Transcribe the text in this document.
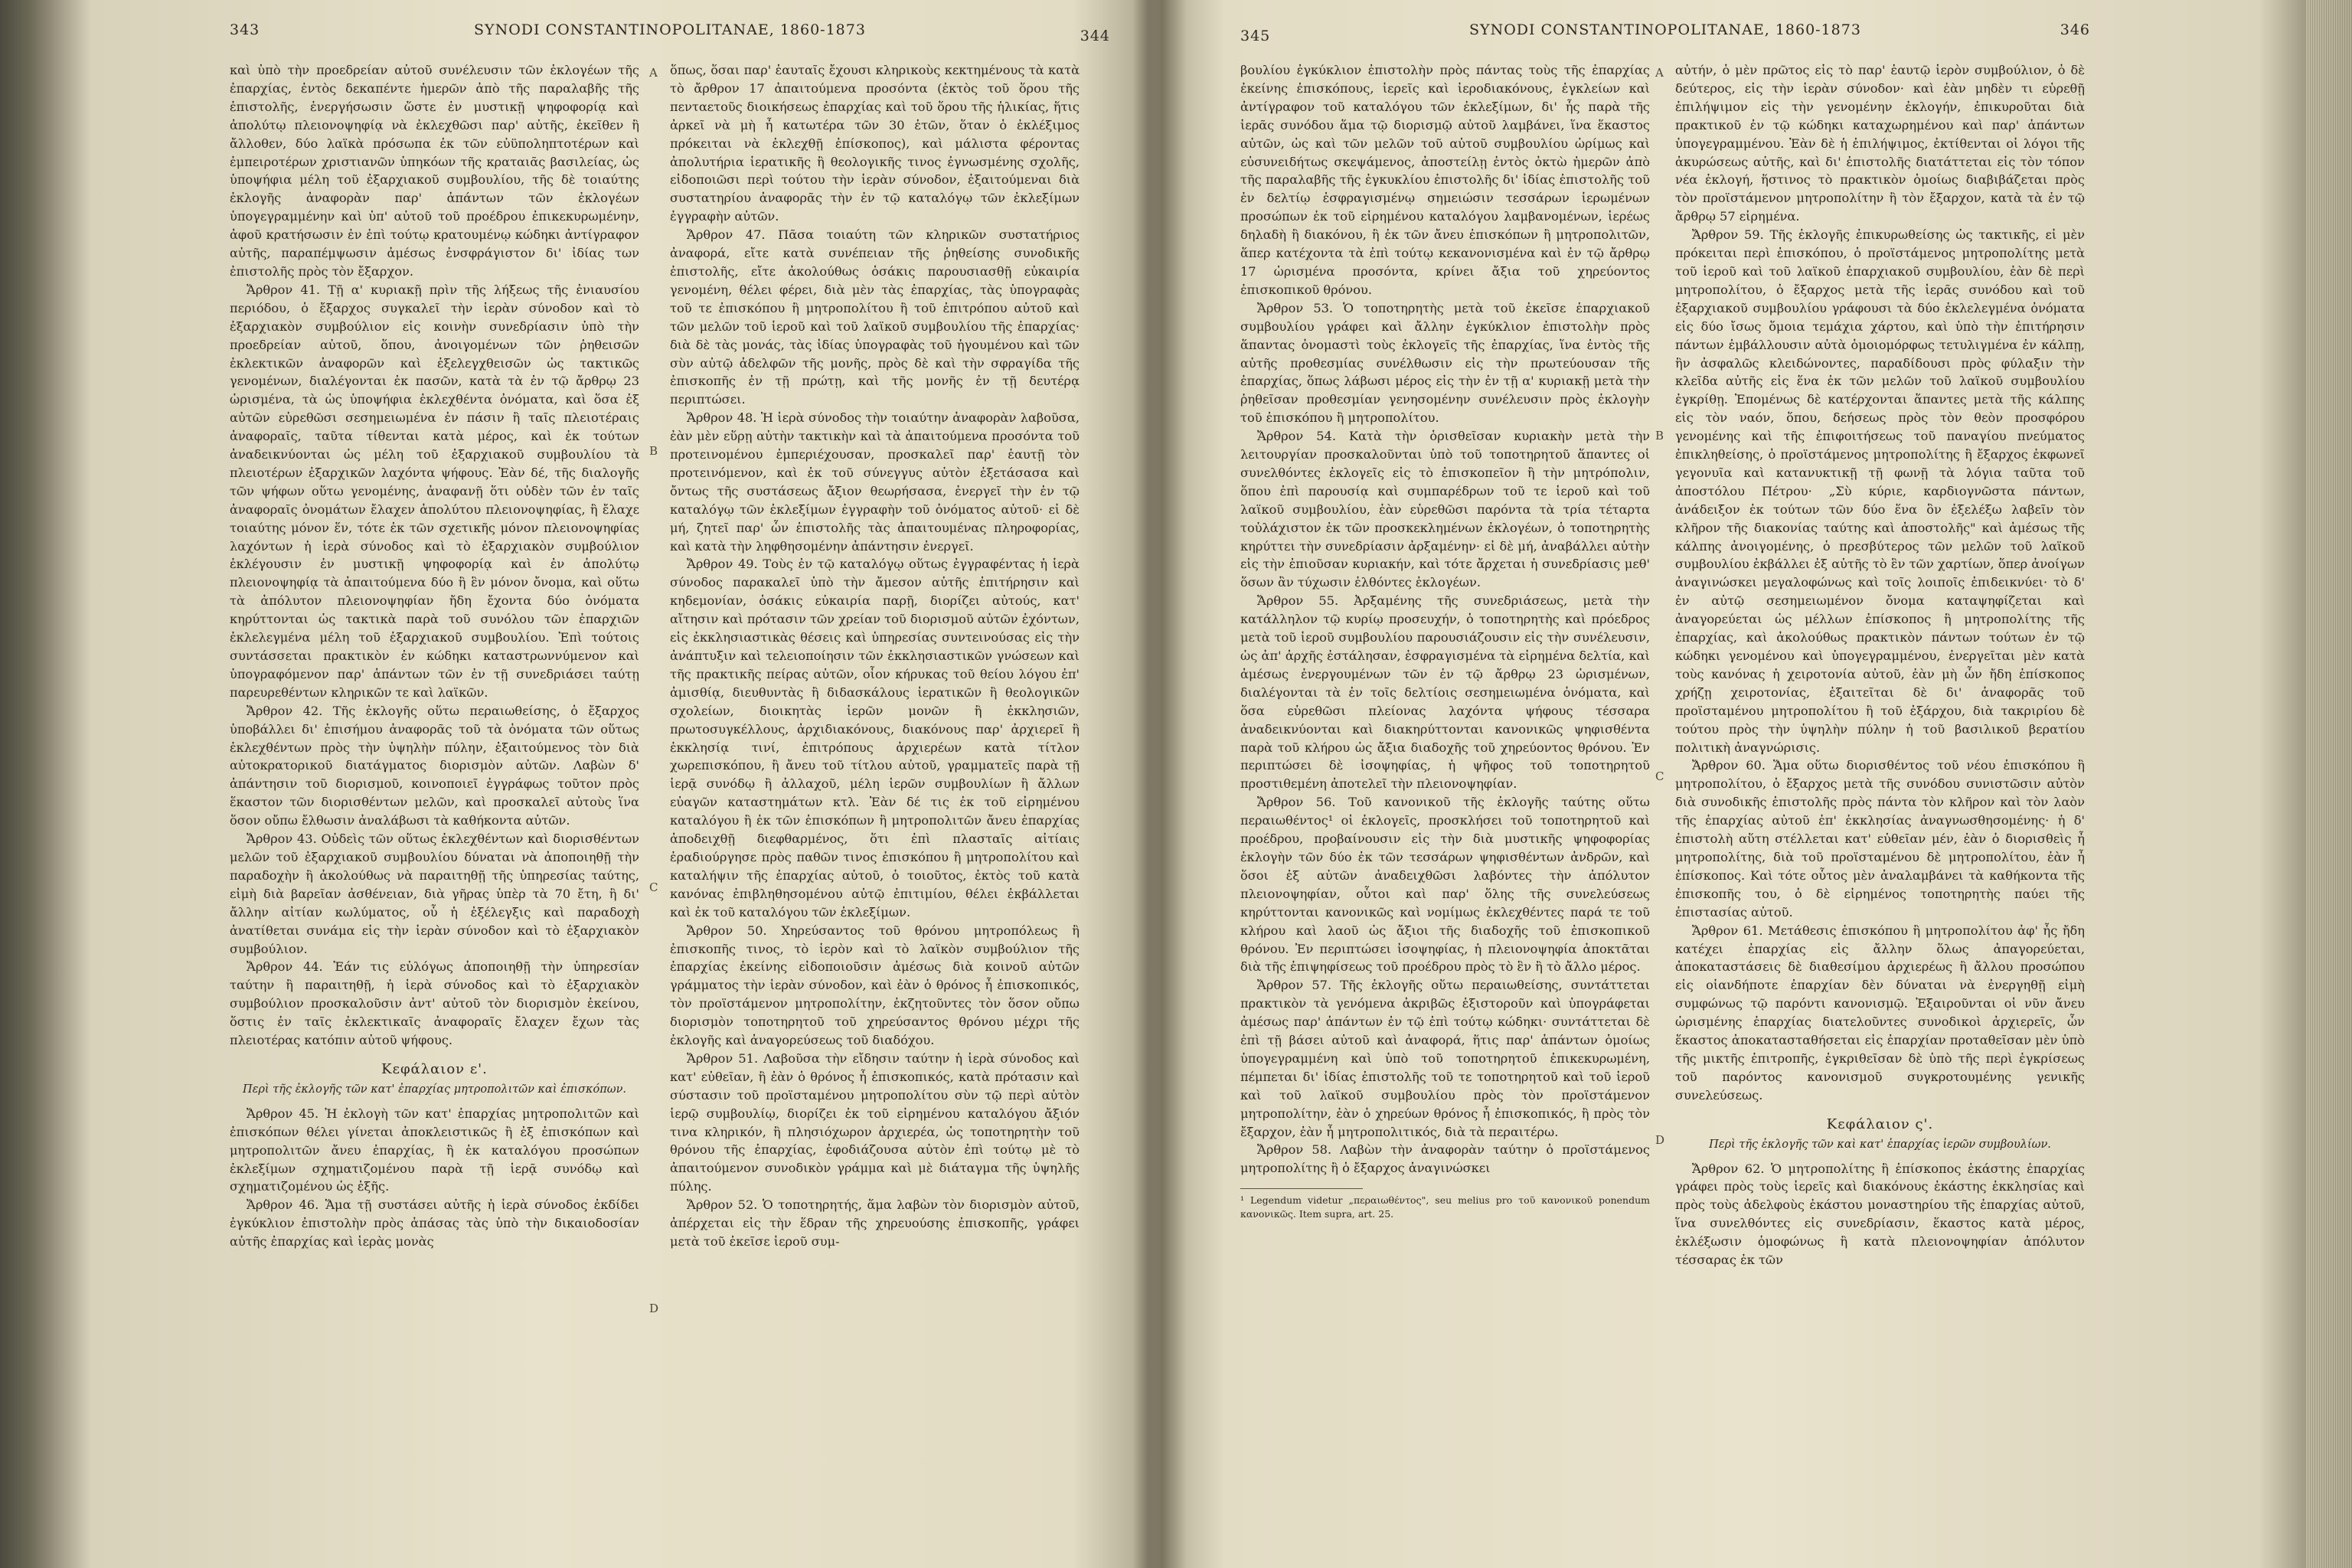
343	SYNODI CONSTANTINOPOLITANAE, 1860-1873	344

καὶ ὑπὸ τὴν προεδρείαν αὐτοῦ συνέλευσιν τῶν ἐκλογέων τῆς ἐπαρχίας, ἐντὸς δεκαπέντε ἡμερῶν ἀπὸ τῆς παραλαβῆς τῆς ἐπιστολῆς, ἐνεργήσωσιν ὥστε ἐν μυστικῇ ψηφοφορίᾳ καὶ ἀπολύτῳ πλειονοψηφίᾳ νὰ ἐκλεχθῶσι παρ' αὐτῆς, ἐκεῖθεν ἢ ἄλλοθεν, δύο λαϊκὰ πρόσωπα ἐκ τῶν εὐϋποληπτοτέρων καὶ ἐμπειροτέρων χριστιανῶν ὑπηκόων τῆς κραταιᾶς βασιλείας, ὡς ὑποψήφια μέλη τοῦ ἐξαρχιακοῦ συμβουλίου, τῆς δὲ τοιαύτης ἐκλογῆς ἀναφορὰν παρ' ἁπάντων τῶν ἐκλογέων ὑπογεγραμμένην καὶ ὑπ' αὐτοῦ τοῦ προέδρου ἐπικεκυρωμένην, ἀφοῦ κρατήσωσιν ἐν ἐπὶ τούτῳ κρατουμένῳ κώδηκι ἀντίγραφον αὐτῆς, παραπέμψωσιν ἀμέσως ἐνσφράγιστον δι' ἰδίας των ἐπιστολῆς πρὸς τὸν ἔξαρχον.

Ἄρθρον 41. Τῇ α' κυριακῇ πρὶν τῆς λήξεως τῆς ἐνιαυσίου περιόδου, ὁ ἔξαρχος συγκαλεῖ τὴν ἱερὰν σύνοδον καὶ τὸ ἐξαρχιακὸν συμβούλιον εἰς κοινὴν συνεδρίασιν ὑπὸ τὴν προεδρείαν αὐτοῦ, ὅπου, ἀνοιγομένων τῶν ῥηθεισῶν ἐκλεκτικῶν ἀναφορῶν καὶ ἐξελεγχθεισῶν ὡς τακτικῶς γενομένων, διαλέγονται ἐκ πασῶν, κατὰ τὰ ἐν τῷ ἄρθρῳ 23 ὡρισμένα, τὰ ὡς ὑποψήφια ἐκλεχθέντα ὀνόματα, καὶ ὅσα ἐξ αὐτῶν εὑρεθῶσι σεσημειωμένα ἐν πάσιν ἢ ταῖς πλειοτέραις ἀναφοραῖς, ταῦτα τίθενται κατὰ μέρος, καὶ ἐκ τούτων ἀναδεικνύονται ὡς μέλη τοῦ ἐξαρχιακοῦ συμβουλίου τὰ πλειοτέρων ἐξαρχικῶν λαχόντα ψήφους. Ἐὰν δέ, τῆς διαλογῆς τῶν ψήφων οὕτω γενομένης, ἀναφανῇ ὅτι οὐδὲν τῶν ἐν ταῖς ἀναφοραῖς ὀνομάτων ἔλαχεν ἀπολύτου πλειονοψηφίας, ἢ ἔλαχε τοιαύτης μόνον ἕν, τότε ἐκ τῶν σχετικῆς μόνον πλειονοψηφίας λαχόντων ἡ ἱερὰ σύνοδος καὶ τὸ ἐξαρχιακὸν συμβούλιον ἐκλέγουσιν ἐν μυστικῇ ψηφοφορίᾳ καὶ ἐν ἀπολύτῳ πλειονοψηφίᾳ τὰ ἀπαιτούμενα δύο ἢ ἓν μόνον ὄνομα, καὶ οὕτω τὰ ἀπόλυτον πλειονοψηφίαν ἤδη ἔχοντα δύο ὀνόματα κηρύττονται ὡς τακτικὰ παρὰ τοῦ συνόλου τῶν ἐπαρχιῶν ἐκλελεγμένα μέλη τοῦ ἐξαρχιακοῦ συμβουλίου. Ἐπὶ τούτοις συντάσσεται πρακτικὸν ἐν κώδηκι καταστρωννύμενον καὶ ὑπογραφόμενον παρ' ἁπάντων τῶν ἐν τῇ συνεδριάσει ταύτῃ παρευρεθέντων κληρικῶν τε καὶ λαϊκῶν.

Ἄρθρον 42. Τῆς ἐκλογῆς οὕτω περαιωθείσης, ὁ ἔξαρχος ὑποβάλλει δι' ἐπισήμου ἀναφορᾶς τοῦ τὰ ὀνόματα τῶν οὕτως ἐκλεχθέντων πρὸς τὴν ὑψηλὴν πύλην, ἐξαιτούμενος τὸν διὰ αὐτοκρατορικοῦ διατάγματος διορισμὸν αὐτῶν. Λαβὼν δ' ἀπάντησιν τοῦ διορισμοῦ, κοινοποιεῖ ἐγγράφως τοῦτον πρὸς ἕκαστον τῶν διορισθέντων μελῶν, καὶ προσκαλεῖ αὐτοὺς ἵνα ὅσον οὔπω ἔλθωσιν ἀναλάβωσι τὰ καθήκοντα αὐτῶν.

Ἄρθρον 43. Οὐδεὶς τῶν οὕτως ἐκλεχθέντων καὶ διορισθέντων μελῶν τοῦ ἐξαρχιακοῦ συμβουλίου δύναται νὰ ἀποποιηθῇ τὴν παραδοχὴν ἢ ἀκολούθως νὰ παραιτηθῇ τῆς ὑπηρεσίας ταύτης, εἰμὴ διὰ βαρεῖαν ἀσθένειαν, διὰ γῆρας ὑπὲρ τὰ 70 ἔτη, ἢ δι' ἄλλην αἰτίαν κωλύματος, οὗ ἡ ἐξέλεγξις καὶ παραδοχὴ ἀνατίθεται συνάμα εἰς τὴν ἱερὰν σύνοδον καὶ τὸ ἐξαρχιακὸν συμβούλιον.

Ἄρθρον 44. Ἐάν τις εὐλόγως ἀποποιηθῇ τὴν ὑπηρεσίαν ταύτην ἢ παραιτηθῇ, ἡ ἱερὰ σύνοδος καὶ τὸ ἐξαρχιακὸν συμβούλιον προσκαλοῦσιν ἀντ' αὐτοῦ τὸν διορισμὸν ἐκείνου, ὅστις ἐν ταῖς ἐκλεκτικαῖς ἀναφοραῖς ἔλαχεν ἔχων τὰς πλειοτέρας κατόπιν αὐτοῦ ψήφους.

Κεφάλαιον ε'.
Περὶ τῆς ἐκλογῆς τῶν κατ' ἐπαρχίας μητροπολιτῶν καὶ ἐπισκόπων.

Ἄρθρον 45. Ἡ ἐκλογὴ τῶν κατ' ἐπαρχίας μητροπολιτῶν καὶ ἐπισκόπων θέλει γίνεται ἀποκλειστικῶς ἢ ἐξ ἐπισκόπων καὶ μητροπολιτῶν ἄνευ ἐπαρχίας, ἢ ἐκ καταλόγου προσώπων ἐκλεξίμων σχηματιζομένου παρὰ τῇ ἱερᾷ συνόδῳ καὶ σχηματιζομένου ὡς ἑξῆς.

Ἄρθρον 46. Ἅμα τῇ συστάσει αὐτῆς ἡ ἱερὰ σύνοδος ἐκδίδει ἐγκύκλιον ἐπιστολὴν πρὸς ἁπάσας τὰς ὑπὸ τὴν δικαιοδοσίαν αὐτῆς ἐπαρχίας καὶ ἱερὰς μονὰς

A
B
C
D

ὅπως, ὅσαι παρ' ἑαυταῖς ἔχουσι κληρικοὺς κεκτημένους τὰ κατὰ τὸ ἄρθρον 17 ἀπαιτούμενα προσόντα (ἐκτὸς τοῦ ὅρου τῆς πενταετοῦς διοικήσεως ἐπαρχίας καὶ τοῦ ὅρου τῆς ἡλικίας, ἥτις ἀρκεῖ νὰ μὴ ἦ κατωτέρα τῶν 30 ἐτῶν, ὅταν ὁ ἐκλέξιμος πρόκειται νὰ ἐκλεχθῇ ἐπίσκοπος), καὶ μάλιστα φέροντας ἀπολυτήρια ἱερατικῆς ἢ θεολογικῆς τινος ἐγνωσμένης σχολῆς, εἰδοποιῶσι περὶ τούτου τὴν ἱερὰν σύνοδον, ἐξαιτούμεναι διὰ συστατηρίου ἀναφορᾶς τὴν ἐν τῷ καταλόγῳ τῶν ἐκλεξίμων ἐγγραφὴν αὐτῶν.

Ἄρθρον 47. Πᾶσα τοιαύτη τῶν κληρικῶν συστατήριος ἀναφορά, εἴτε κατὰ συνέπειαν τῆς ῥηθείσης συνοδικῆς ἐπιστολῆς, εἴτε ἀκολούθως ὁσάκις παρουσιασθῇ εὐκαιρία γενομένη, θέλει φέρει, διὰ μὲν τὰς ἐπαρχίας, τὰς ὑπογραφὰς τοῦ τε ἐπισκόπου ἢ μητροπολίτου ἢ τοῦ ἐπιτρόπου αὐτοῦ καὶ τῶν μελῶν τοῦ ἱεροῦ καὶ τοῦ λαϊκοῦ συμβουλίου τῆς ἐπαρχίας· διὰ δὲ τὰς μονάς, τὰς ἰδίας ὑπογραφὰς τοῦ ἡγουμένου καὶ τῶν σὺν αὐτῷ ἀδελφῶν τῆς μονῆς, πρὸς δὲ καὶ τὴν σφραγίδα τῆς ἐπισκοπῆς ἐν τῇ πρώτῃ, καὶ τῆς μονῆς ἐν τῇ δευτέρᾳ περιπτώσει.

Ἄρθρον 48. Ἡ ἱερὰ σύνοδος τὴν τοιαύτην ἀναφορὰν λαβοῦσα, ἐὰν μὲν εὕρῃ αὐτὴν τακτικὴν καὶ τὰ ἀπαιτούμενα προσόντα τοῦ προτεινομένου ἐμπεριέχουσαν, προσκαλεῖ παρ' ἑαυτῇ τὸν προτεινόμενον, καὶ ἐκ τοῦ σύνεγγυς αὐτὸν ἐξετάσασα καὶ ὄντως τῆς συστάσεως ἄξιον θεωρήσασα, ἐνεργεῖ τὴν ἐν τῷ καταλόγῳ τῶν ἐκλεξίμων ἐγγραφὴν τοῦ ὀνόματος αὐτοῦ· εἰ δὲ μή, ζητεῖ παρ' ὧν ἐπιστολῆς τὰς ἀπαιτουμένας πληροφορίας, καὶ κατὰ τὴν ληφθησομένην ἀπάντησιν ἐνεργεῖ.

Ἄρθρον 49. Τοὺς ἐν τῷ καταλόγῳ οὕτως ἐγγραφέντας ἡ ἱερὰ σύνοδος παρακαλεῖ ὑπὸ τὴν ἄμεσον αὐτῆς ἐπιτήρησιν καὶ κηδεμονίαν, ὁσάκις εὐκαιρία παρῇ, διορίζει αὐτούς, κατ' αἴτησιν καὶ πρότασιν τῶν χρείαν τοῦ διορισμοῦ αὐτῶν ἐχόντων, εἰς ἐκκλησιαστικὰς θέσεις καὶ ὑπηρεσίας συντεινούσας εἰς τὴν ἀνάπτυξιν καὶ τελειοποίησιν τῶν ἐκκλησιαστικῶν γνώσεων καὶ τῆς πρακτικῆς πείρας αὐτῶν, οἷον κήρυκας τοῦ θείου λόγου ἐπ' ἀμισθίᾳ, διευθυντὰς ἢ διδασκάλους ἱερατικῶν ἢ θεολογικῶν σχολείων, διοικητὰς ἱερῶν μονῶν ἢ ἐκκλησιῶν, πρωτοσυγκέλλους, ἀρχιδιακόνους, διακόνους παρ' ἀρχιερεῖ ἢ ἐκκλησίᾳ τινί, ἐπιτρόπους ἀρχιερέων κατὰ τίτλον χωρεπισκόπου, ἢ ἄνευ τοῦ τίτλου αὐτοῦ, γραμματεῖς παρὰ τῇ ἱερᾷ συνόδῳ ἢ ἀλλαχοῦ, μέλη ἱερῶν συμβουλίων ἢ ἄλλων εὐαγῶν καταστημάτων κτλ. Ἐὰν δέ τις ἐκ τοῦ εἰρημένου καταλόγου ἢ ἐκ τῶν ἐπισκόπων ἢ μητροπολιτῶν ἄνευ ἐπαρχίας ἀποδειχθῇ διεφθαρμένος, ὅτι ἐπὶ πλασταῖς αἰτίαις ἐραδιούργησε πρὸς παθῶν τινος ἐπισκόπου ἢ μητροπολίτου καὶ καταλήψιν τῆς ἐπαρχίας αὐτοῦ, ὁ τοιοῦτος, ἐκτὸς τοῦ κατὰ κανόνας ἐπιβληθησομένου αὐτῷ ἐπιτιμίου, θέλει ἐκβάλλεται καὶ ἐκ τοῦ καταλόγου τῶν ἐκλεξίμων.

Ἄρθρον 50. Χηρεύσαντος τοῦ θρόνου μητροπόλεως ἢ ἐπισκοπῆς τινος, τὸ ἱερὸν καὶ τὸ λαϊκὸν συμβούλιον τῆς ἐπαρχίας ἐκείνης εἰδοποιοῦσιν ἀμέσως διὰ κοινοῦ αὐτῶν γράμματος τὴν ἱερὰν σύνοδον, καὶ ἐὰν ὁ θρόνος ἦ ἐπισκοπικός, τὸν προϊστάμενον μητροπολίτην, ἐκζητοῦντες τὸν ὅσον οὔπω διορισμὸν τοποτηρητοῦ τοῦ χηρεύσαντος θρόνου μέχρι τῆς ἐκλογῆς καὶ ἀναγορεύσεως τοῦ διαδόχου.

Ἄρθρον 51. Λαβοῦσα τὴν εἴδησιν ταύτην ἡ ἱερὰ σύνοδος καὶ κατ' εὐθεῖαν, ἢ ἐὰν ὁ θρόνος ἦ ἐπισκοπικός, κατὰ πρότασιν καὶ σύστασιν τοῦ προϊσταμένου μητροπολίτου σὺν τῷ περὶ αὐτὸν ἱερῷ συμβουλίῳ, διορίζει ἐκ τοῦ εἰρημένου καταλόγου ἄξιόν τινα κληρικόν, ἢ πλησιόχωρον ἀρχιερέα, ὡς τοποτηρητὴν τοῦ θρόνου τῆς ἐπαρχίας, ἐφοδιάζουσα αὐτὸν ἐπὶ τούτῳ μὲ τὸ ἀπαιτούμενον συνοδικὸν γράμμα καὶ μὲ διάταγμα τῆς ὑψηλῆς πύλης.

Ἄρθρον 52. Ὁ τοποτηρητής, ἅμα λαβὼν τὸν διορισμὸν αὐτοῦ, ἀπέρχεται εἰς τὴν ἕδραν τῆς χηρευούσης ἐπισκοπῆς, γράφει μετὰ τοῦ ἐκεῖσε ἱεροῦ συμ-

345	SYNODI CONSTANTINOPOLITANAE, 1860-1873	346

βουλίου ἐγκύκλιον ἐπιστολὴν πρὸς πάντας τοὺς τῆς ἐπαρχίας ἐκείνης ἐπισκόπους, ἱερεῖς καὶ ἱεροδιακόνους, ἐγκλείων καὶ ἀντίγραφον τοῦ καταλόγου τῶν ἐκλεξίμων, δι' ἧς παρὰ τῆς ἱερᾶς συνόδου ἅμα τῷ διορισμῷ αὐτοῦ λαμβάνει, ἵνα ἕκαστος αὐτῶν, ὡς καὶ τῶν μελῶν τοῦ αὐτοῦ συμβουλίου ὡρίμως καὶ εὐσυνειδήτως σκεψάμενος, ἀποστείλῃ ἐντὸς ὀκτὼ ἡμερῶν ἀπὸ τῆς παραλαβῆς τῆς ἐγκυκλίου ἐπιστολῆς δι' ἰδίας ἐπιστολῆς τοῦ ἐν δελτίῳ ἐσφραγισμένῳ σημειώσιν τεσσάρων ἱερωμένων προσώπων ἐκ τοῦ εἰρημένου καταλόγου λαμβανομένων, ἱερέως δηλαδὴ ἢ διακόνου, ἢ ἐκ τῶν ἄνευ ἐπισκόπων ἢ μητροπολιτῶν, ἅπερ κατέχοντα τὰ ἐπὶ τούτῳ κεκανονισμένα καὶ ἐν τῷ ἄρθρῳ 17 ὡρισμένα προσόντα, κρίνει ἄξια τοῦ χηρεύοντος ἐπισκοπικοῦ θρόνου.

Ἄρθρον 53. Ὁ τοποτηρητὴς μετὰ τοῦ ἐκεῖσε ἐπαρχιακοῦ συμβουλίου γράφει καὶ ἄλλην ἐγκύκλιον ἐπιστολὴν πρὸς ἅπαντας ὀνομαστὶ τοὺς ἐκλογεῖς τῆς ἐπαρχίας, ἵνα ἐντὸς τῆς αὐτῆς προθεσμίας συνέλθωσιν εἰς τὴν πρωτεύουσαν τῆς ἐπαρχίας, ὅπως λάβωσι μέρος εἰς τὴν ἐν τῇ α' κυριακῇ μετὰ τὴν ῥηθεῖσαν προθεσμίαν γενησομένην συνέλευσιν πρὸς ἐκλογὴν τοῦ ἐπισκόπου ἢ μητροπολίτου.

Ἄρθρον 54. Κατὰ τὴν ὁρισθεῖσαν κυριακὴν μετὰ τὴν λειτουργίαν προσκαλοῦνται ὑπὸ τοῦ τοποτηρητοῦ ἅπαντες οἱ συνελθόντες ἐκλογεῖς εἰς τὸ ἐπισκοπεῖον ἢ τὴν μητρόπολιν, ὅπου ἐπὶ παρουσίᾳ καὶ συμπαρέδρων τοῦ τε ἱεροῦ καὶ τοῦ λαϊκοῦ συμβουλίου, ἐὰν εὑρεθῶσι παρόντα τὰ τρία τέταρτα τοὐλάχιστον ἐκ τῶν προσκεκλημένων ἐκλογέων, ὁ τοποτηρητὴς κηρύττει τὴν συνεδρίασιν ἀρξαμένην· εἰ δὲ μή, ἀναβάλλει αὐτὴν εἰς τὴν ἐπιοῦσαν κυριακήν, καὶ τότε ἄρχεται ἡ συνεδρίασις μεθ' ὅσων ἂν τύχωσιν ἐλθόντες ἐκλογέων.

Ἄρθρον 55. Ἀρξαμένης τῆς συνεδριάσεως, μετὰ τὴν κατάλληλον τῷ κυρίῳ προσευχήν, ὁ τοποτηρητὴς καὶ πρόεδρος μετὰ τοῦ ἱεροῦ συμβουλίου παρουσιάζουσιν εἰς τὴν συνέλευσιν, ὡς ἀπ' ἀρχῆς ἐστάλησαν, ἐσφραγισμένα τὰ εἰρημένα δελτία, καὶ ἀμέσως ἐνεργουμένων τῶν ἐν τῷ ἄρθρῳ 23 ὡρισμένων, διαλέγονται τὰ ἐν τοῖς δελτίοις σεσημειωμένα ὀνόματα, καὶ ὅσα εὑρεθῶσι πλείονας λαχόντα ψήφους τέσσαρα ἀναδεικνύονται καὶ διακηρύττονται κανονικῶς ψηφισθέντα παρὰ τοῦ κλήρου ὡς ἄξια διαδοχῆς τοῦ χηρεύοντος θρόνου. Ἐν περιπτώσει δὲ ἰσοψηφίας, ἡ ψῆφος τοῦ τοποτηρητοῦ προστιθεμένη ἀποτελεῖ τὴν πλειονοψηφίαν.

Ἄρθρον 56. Τοῦ κανονικοῦ τῆς ἐκλογῆς ταύτης οὕτω περαιωθέντος¹ οἱ ἐκλογεῖς, προσκλήσει τοῦ τοποτηρητοῦ καὶ προέδρου, προβαίνουσιν εἰς τὴν διὰ μυστικῆς ψηφοφορίας ἐκλογὴν τῶν δύο ἐκ τῶν τεσσάρων ψηφισθέντων ἀνδρῶν, καὶ ὅσοι ἐξ αὐτῶν ἀναδειχθῶσι λαβόντες τὴν ἀπόλυτον πλειονοψηφίαν, οὗτοι καὶ παρ' ὅλης τῆς συνελεύσεως κηρύττονται κανονικῶς καὶ νομίμως ἐκλεχθέντες παρά τε τοῦ κλήρου καὶ λαοῦ ὡς ἄξιοι τῆς διαδοχῆς τοῦ ἐπισκοπικοῦ θρόνου. Ἐν περιπτώσει ἰσοψηφίας, ἡ πλειονοψηφία ἀποκτᾶται διὰ τῆς ἐπιψηφίσεως τοῦ προέδρου πρὸς τὸ ἓν ἢ τὸ ἄλλο μέρος.

Ἄρθρον 57. Τῆς ἐκλογῆς οὕτω περαιωθείσης, συντάττεται πρακτικὸν τὰ γενόμενα ἀκριβῶς ἐξιστοροῦν καὶ ὑπογράφεται ἀμέσως παρ' ἁπάντων ἐν τῷ ἐπὶ τούτῳ κώδηκι· συντάττεται δὲ ἐπὶ τῇ βάσει αὐτοῦ καὶ ἀναφορά, ἥτις παρ' ἁπάντων ὁμοίως ὑπογεγραμμένη καὶ ὑπὸ τοῦ τοποτηρητοῦ ἐπικεκυρωμένη, πέμπεται δι' ἰδίας ἐπιστολῆς τοῦ τε τοποτηρητοῦ καὶ τοῦ ἱεροῦ καὶ τοῦ λαϊκοῦ συμβουλίου πρὸς τὸν προϊστάμενον μητροπολίτην, ἐὰν ὁ χηρεύων θρόνος ἦ ἐπισκοπικός, ἢ πρὸς τὸν ἔξαρχον, ἐὰν ἦ μητροπολιτικός, διὰ τὰ περαιτέρω.

Ἄρθρον 58. Λαβὼν τὴν ἀναφορὰν ταύτην ὁ προϊστάμενος μητροπολίτης ἢ ὁ ἔξαρχος ἀναγινώσκει

¹ Legendum videtur „περαιωθέντος", seu melius pro τοῦ κανονικοῦ ponendum κανονικῶς. Item supra, art. 25.

A
B
C
D

αὐτήν, ὁ μὲν πρῶτος εἰς τὸ παρ' ἑαυτῷ ἱερὸν συμβούλιον, ὁ δὲ δεύτερος, εἰς τὴν ἱερὰν σύνοδον· καὶ ἐὰν μηδὲν τι εὑρεθῇ ἐπιλήψιμον εἰς τὴν γενομένην ἐκλογήν, ἐπικυροῦται διὰ πρακτικοῦ ἐν τῷ κώδηκι καταχωρημένου καὶ παρ' ἁπάντων ὑπογεγραμμένου. Ἐὰν δὲ ἡ ἐπιλήψιμος, ἐκτίθενται οἱ λόγοι τῆς ἀκυρώσεως αὐτῆς, καὶ δι' ἐπιστολῆς διατάττεται εἰς τὸν τόπον νέα ἐκλογή, ἥστινος τὸ πρακτικὸν ὁμοίως διαβιβάζεται πρὸς τὸν προϊστάμενον μητροπολίτην ἢ τὸν ἔξαρχον, κατὰ τὰ ἐν τῷ ἄρθρῳ 57 εἰρημένα.

Ἄρθρον 59. Τῆς ἐκλογῆς ἐπικυρωθείσης ὡς τακτικῆς, εἰ μὲν πρόκειται περὶ ἐπισκόπου, ὁ προϊστάμενος μητροπολίτης μετὰ τοῦ ἱεροῦ καὶ τοῦ λαϊκοῦ ἐπαρχιακοῦ συμβουλίου, ἐὰν δὲ περὶ μητροπολίτου, ὁ ἔξαρχος μετὰ τῆς ἱερᾶς συνόδου καὶ τοῦ ἐξαρχιακοῦ συμβουλίου γράφουσι τὰ δύο ἐκλελεγμένα ὀνόματα εἰς δύο ἴσως ὅμοια τεμάχια χάρτου, καὶ ὑπὸ τὴν ἐπιτήρησιν πάντων ἐμβάλλουσιν αὐτὰ ὁμοιομόρφως τετυλιγμένα ἐν κάλπῃ, ἣν ἀσφαλῶς κλειδώνοντες, παραδίδουσι πρὸς φύλαξιν τὴν κλεῖδα αὐτῆς εἰς ἕνα ἐκ τῶν μελῶν τοῦ λαϊκοῦ συμβουλίου ἐγκρίθῃ. Ἐπομένως δὲ κατέρχονται ἅπαντες μετὰ τῆς κάλπης εἰς τὸν ναόν, ὅπου, δεήσεως πρὸς τὸν θεὸν προσφόρου γενομένης καὶ τῆς ἐπιφοιτήσεως τοῦ παναγίου πνεύματος ἐπικληθείσης, ὁ προϊστάμενος μητροπολίτης ἢ ἔξαρχος ἐκφωνεῖ γεγονυῖα καὶ κατανυκτικῇ τῇ φωνῇ τὰ λόγια ταῦτα τοῦ ἀποστόλου Πέτρου· „Σὺ κύριε, καρδιογνῶστα πάντων, ἀνάδειξον ἐκ τούτων τῶν δύο ἕνα ὃν ἐξελέξω λαβεῖν τὸν κλῆρον τῆς διακονίας ταύτης καὶ ἀποστολῆς" καὶ ἀμέσως τῆς κάλπης ἀνοιγομένης, ὁ πρεσβύτερος τῶν μελῶν τοῦ λαϊκοῦ συμβουλίου ἐκβάλλει ἐξ αὐτῆς τὸ ἓν τῶν χαρτίων, ὅπερ ἀνοίγων ἀναγινώσκει μεγαλοφώνως καὶ τοῖς λοιποῖς ἐπιδεικνύει· τὸ δ' ἐν αὐτῷ σεσημειωμένον ὄνομα καταψηφίζεται καὶ ἀναγορεύεται ὡς μέλλων ἐπίσκοπος ἢ μητροπολίτης τῆς ἐπαρχίας, καὶ ἀκολούθως πρακτικὸν πάντων τούτων ἐν τῷ κώδηκι γενομένου καὶ ὑπογεγραμμένου, ἐνεργεῖται μὲν κατὰ τοὺς κανόνας ἡ χειροτονία αὐτοῦ, ἐὰν μὴ ὦν ἤδη ἐπίσκοπος χρήζῃ χειροτονίας, ἐξαιτεῖται δὲ δι' ἀναφορᾶς τοῦ προϊσταμένου μητροπολίτου ἢ τοῦ ἐξάρχου, διὰ τακριρίου δὲ τούτου πρὸς τὴν ὑψηλὴν πύλην ἡ τοῦ βασιλικοῦ βερατίου πολιτικὴ ἀναγνώρισις.

Ἄρθρον 60. Ἅμα οὕτω διορισθέντος τοῦ νέου ἐπισκόπου ἢ μητροπολίτου, ὁ ἔξαρχος μετὰ τῆς συνόδου συνιστῶσιν αὐτὸν διὰ συνοδικῆς ἐπιστολῆς πρὸς πάντα τὸν κλῆρον καὶ τὸν λαὸν τῆς ἐπαρχίας αὐτοῦ ἐπ' ἐκκλησίας ἀναγνωσθησομένης· ἡ δ' ἐπιστολὴ αὕτη στέλλεται κατ' εὐθεῖαν μέν, ἐὰν ὁ διορισθεὶς ἦ μητροπολίτης, διὰ τοῦ προϊσταμένου δὲ μητροπολίτου, ἐὰν ἦ ἐπίσκοπος. Καὶ τότε οὗτος μὲν ἀναλαμβάνει τὰ καθήκοντα τῆς ἐπισκοπῆς του, ὁ δὲ εἰρημένος τοποτηρητὴς παύει τῆς ἐπιστασίας αὐτοῦ.

Ἄρθρον 61. Μετάθεσις ἐπισκόπου ἢ μητροπολίτου ἀφ' ἧς ἤδη κατέχει ἐπαρχίας εἰς ἄλλην ὅλως ἀπαγορεύεται, ἀποκαταστάσεις δὲ διαθεσίμου ἀρχιερέως ἢ ἄλλου προσώπου εἰς οἱανδήποτε ἐπαρχίαν δὲν δύναται νὰ ἐνεργηθῇ εἰμὴ συμφώνως τῷ παρόντι κανονισμῷ. Ἐξαιροῦνται οἱ νῦν ἄνευ ὡρισμένης ἐπαρχίας διατελοῦντες συνοδικοὶ ἀρχιερεῖς, ὧν ἕκαστος ἀποκατασταθήσεται εἰς ἐπαρχίαν προταθεῖσαν μὲν ὑπὸ τῆς μικτῆς ἐπιτροπῆς, ἐγκριθεῖσαν δὲ ὑπὸ τῆς περὶ ἐγκρίσεως τοῦ παρόντος κανονισμοῦ συγκροτουμένης γενικῆς συνελεύσεως.

Κεφάλαιον ς'.
Περὶ τῆς ἐκλογῆς τῶν καὶ κατ' ἐπαρχίας ἱερῶν συμβουλίων.

Ἄρθρον 62. Ὁ μητροπολίτης ἢ ἐπίσκοπος ἑκάστης ἐπαρχίας γράφει πρὸς τοὺς ἱερεῖς καὶ διακόνους ἑκάστης ἐκκλησίας καὶ πρὸς τοὺς ἀδελφοὺς ἑκάστου μοναστηρίου τῆς ἐπαρχίας αὐτοῦ, ἵνα συνελθόντες εἰς συνεδρίασιν, ἕκαστος κατὰ μέρος, ἐκλέξωσιν ὁμοφώνως ἢ κατὰ πλειονοψηφίαν ἀπόλυτον τέσσαρας ἐκ τῶν
